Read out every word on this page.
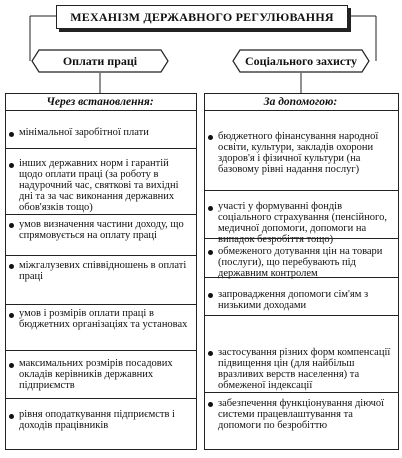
МЕХАНІЗМ ДЕРЖАВНОГО РЕГУЛЮВАННЯ
Оплати праці	Соціального захисту
Через встановлення:	За допомогою:
мінімальної заробітної плати
інших державних норм і гарантій щодо оплати праці (за роботу в надурочний час, святкові та вихідні дні та за час виконання державних обов'язків тощо)
умов визначення частини доходу, що спрямовується на оплату праці
міжгалузевих співвідношень в оплаті праці
умов і розмірів оплати праці в бюджетних організаціях та установах
максимальних розмірів посадових окладів керівників державних підприємств
рівня оподаткування підприємств і доходів працівників
бюджетного фінансування народної освіти, культури, закладів охорони здоров'я і фізичної культури (на базовому рівні надання послуг)
участі у формуванні фондів соціального страхування (пенсійного, медичної допомоги, допомоги на випадок безробіття тощо)
обмеженого дотування цін на товари (послуги), що перебувають під державним контролем
запровадження допомоги сім'ям з низькими доходами
застосування різних форм компенсації підвищення цін (для найбільш вразливих верств населення) та обмеженої індексації
забезпечення функціонування діючої системи працевлаштування та допомоги по безробіттю
